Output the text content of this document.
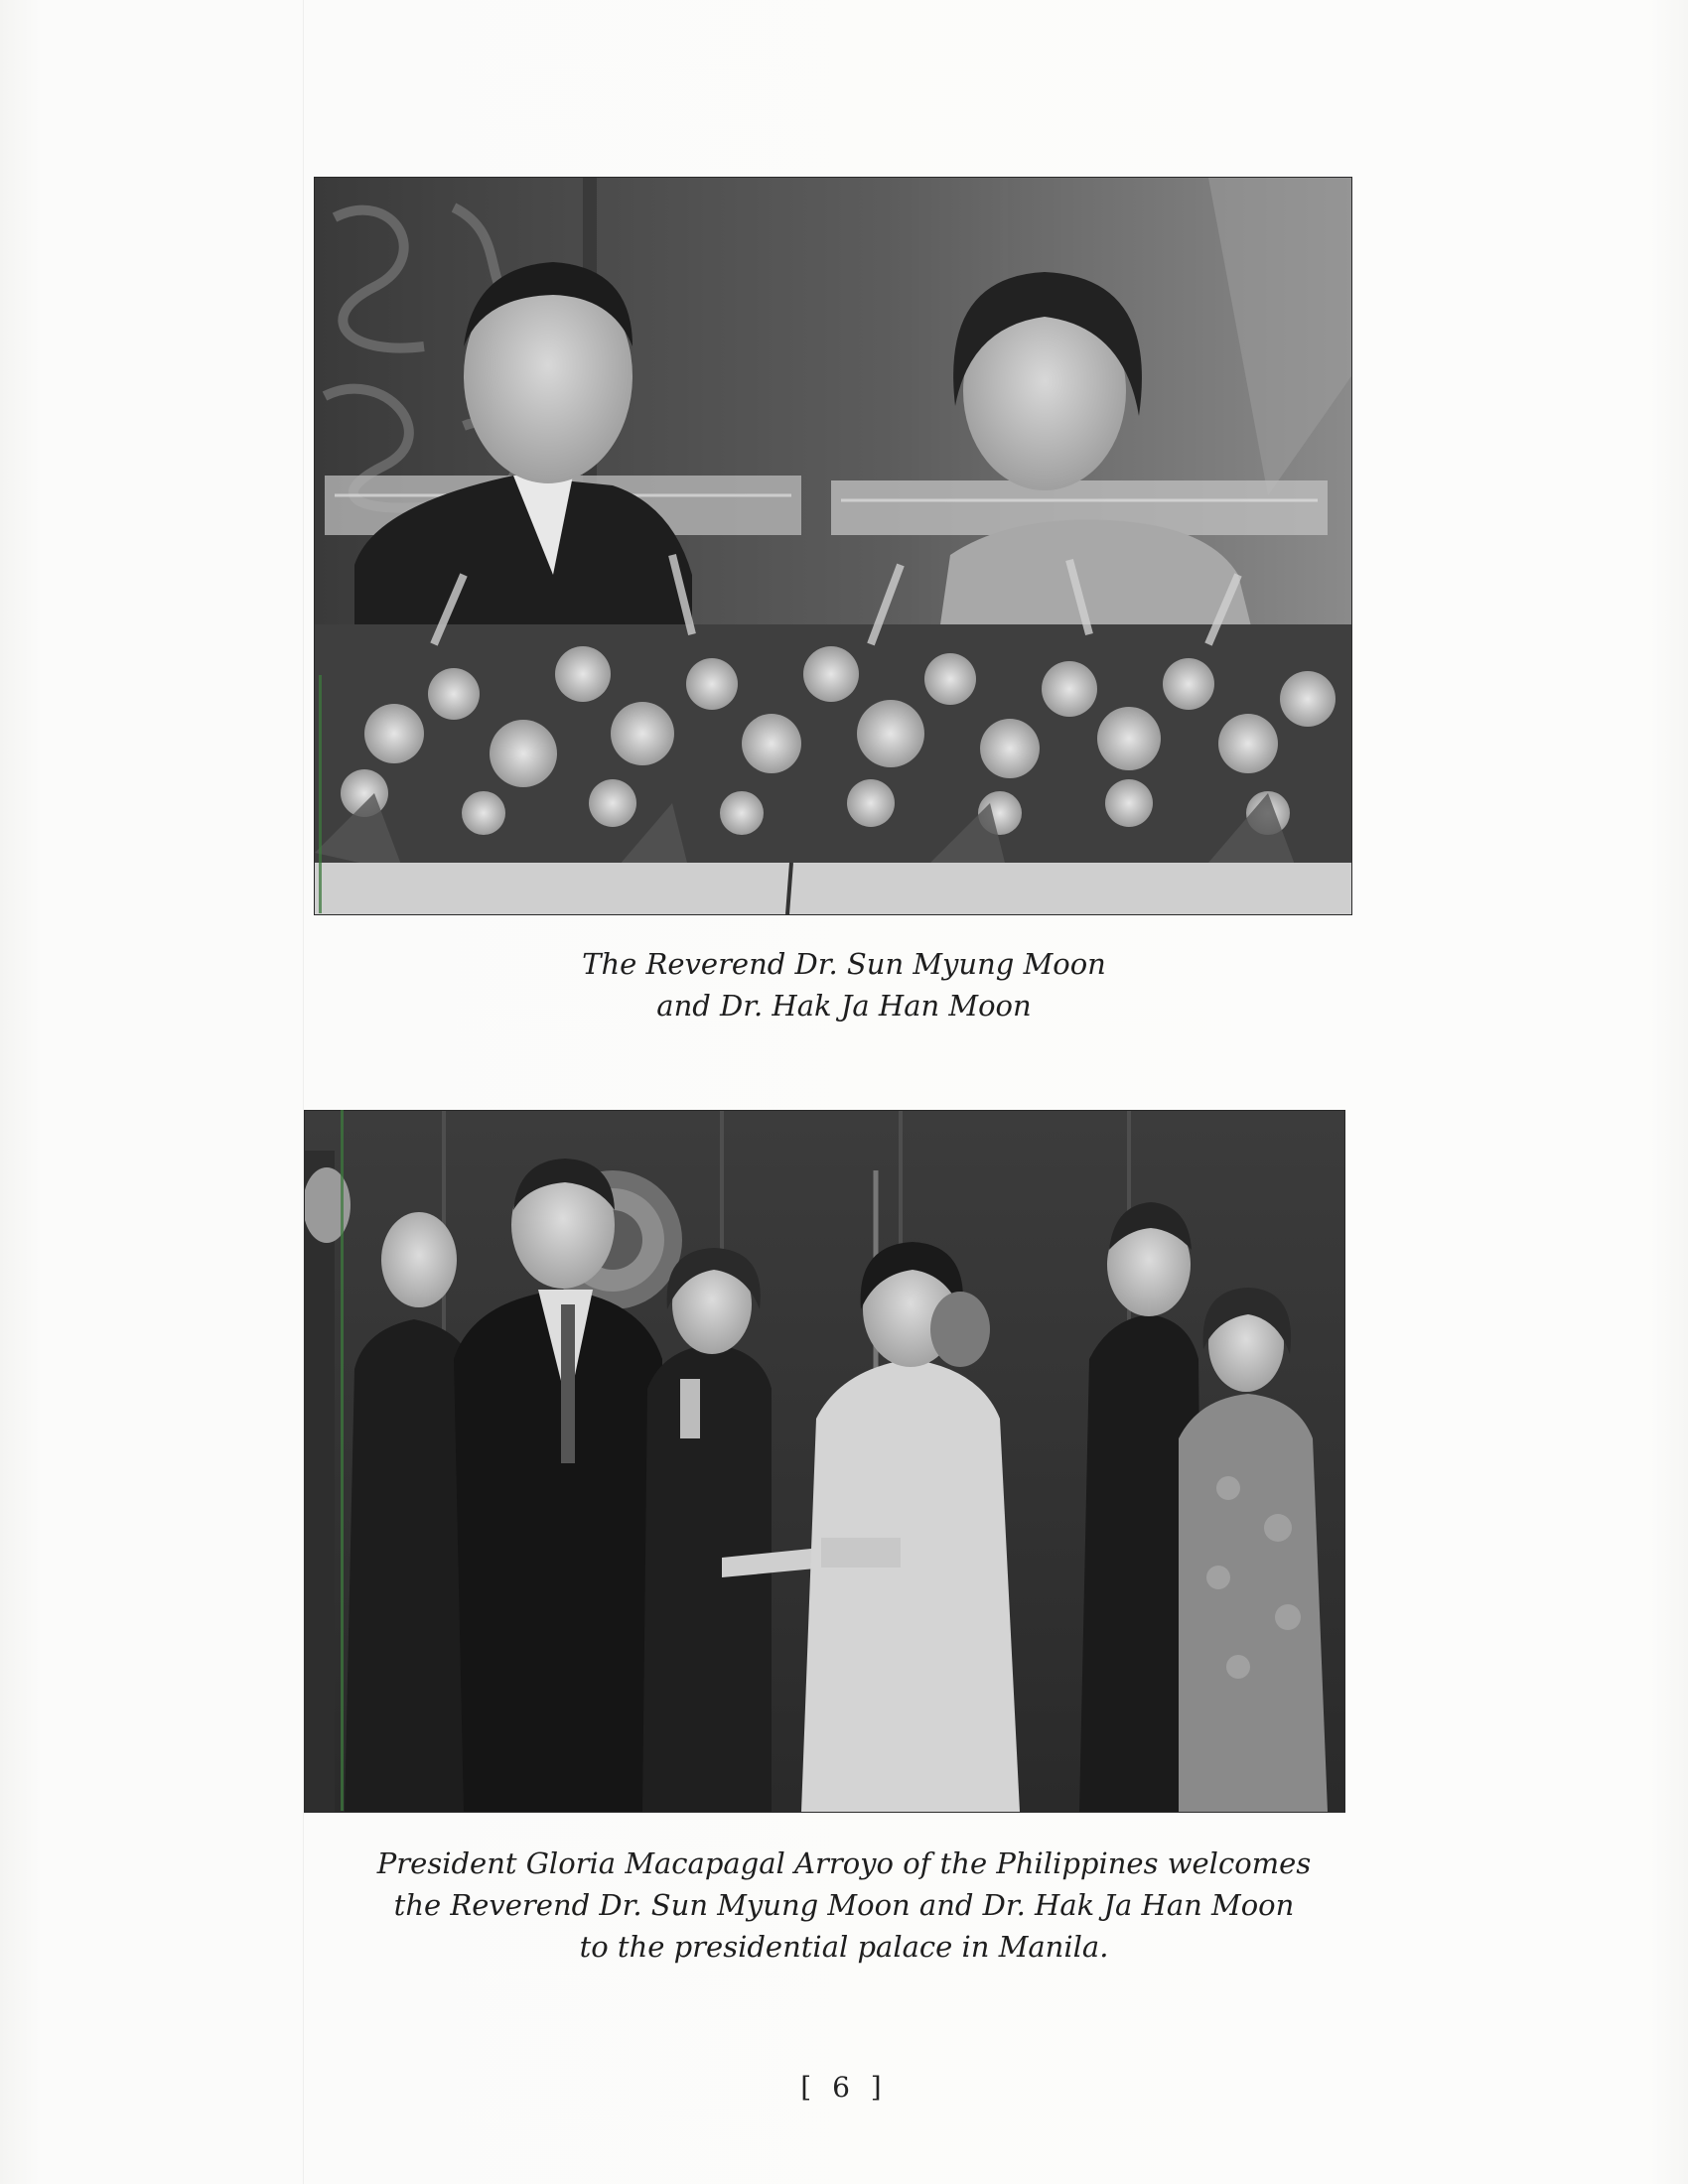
The Reverend Dr. Sun Myung Moon
and Dr. Hak Ja Han Moon
President Gloria Macapagal Arroyo of the Philippines welcomes
the Reverend Dr. Sun Myung Moon and Dr. Hak Ja Han Moon
to the presidential palace in Manila.
[ 6 ]
